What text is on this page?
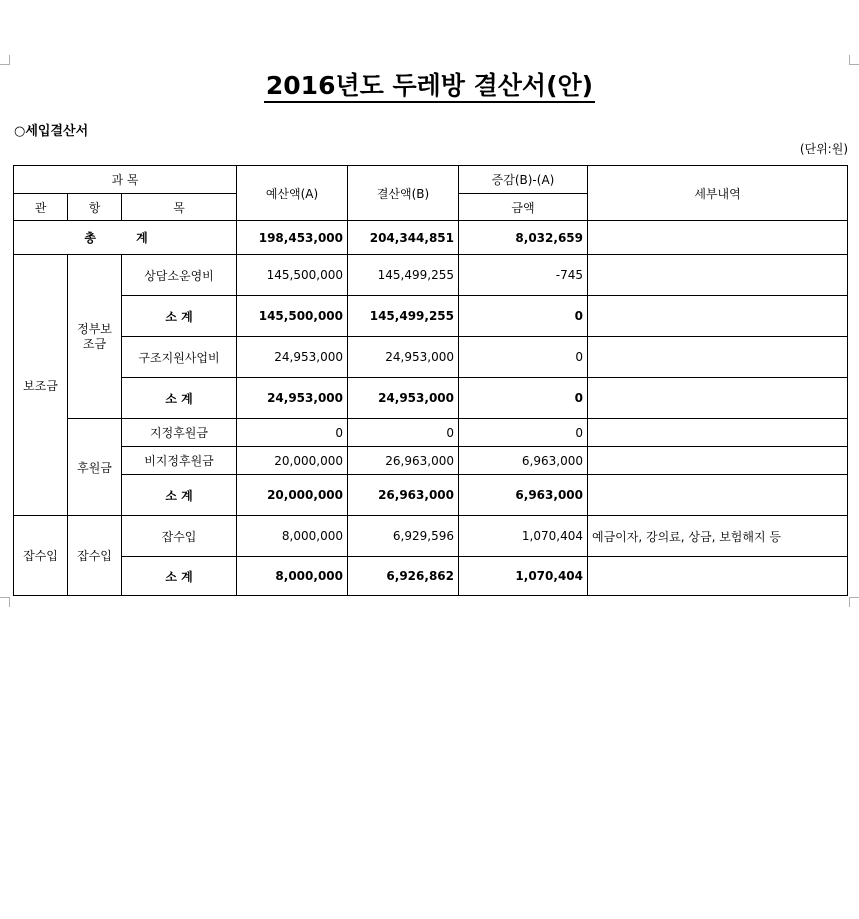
2016년도 두레방 결산서(안)
○세입결산서
(단위:원)
과 목			예산액(A)	결산액(B)	증감(B)-(A)	세부내역
관	항	목			금액	
총 계			198,453,000	204,344,851	8,032,659	
보조금	정부보조금	상담소운영비	145,500,000	145,499,255	-745	
		소 계	145,500,000	145,499,255	0	
		구조지원사업비	24,953,000	24,953,000	0	
		소 계	24,953,000	24,953,000	0	
	후원금	지정후원금	0	0	0	
		비지정후원금	20,000,000	26,963,000	6,963,000	
		소 계	20,000,000	26,963,000	6,963,000	
잡수입	잡수입	잡수입	8,000,000	6,929,596	1,070,404	예금이자, 강의료, 상금, 보험해지 등
		소 계	8,000,000	6,926,862	1,070,404	
